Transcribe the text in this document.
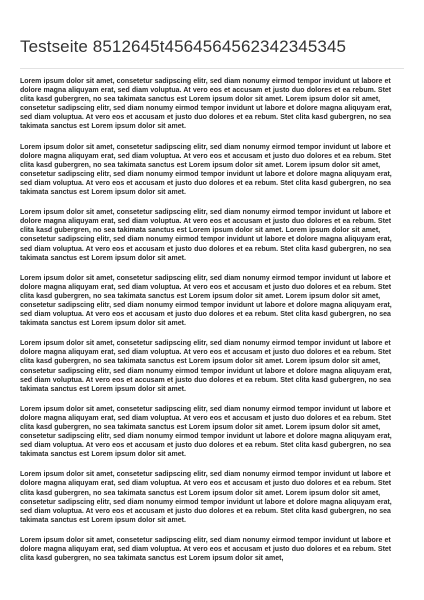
Testseite 8512645t4564564562342345345

Lorem ipsum dolor sit amet, consetetur sadipscing elitr, sed diam nonumy eirmod tempor invidunt ut labore et dolore magna aliquyam erat, sed diam voluptua. At vero eos et accusam et justo duo dolores et ea rebum. Stet clita kasd gubergren, no sea takimata sanctus est Lorem ipsum dolor sit amet. Lorem ipsum dolor sit amet, consetetur sadipscing elitr, sed diam nonumy eirmod tempor invidunt ut labore et dolore magna aliquyam erat, sed diam voluptua. At vero eos et accusam et justo duo dolores et ea rebum. Stet clita kasd gubergren, no sea takimata sanctus est Lorem ipsum dolor sit amet.

Lorem ipsum dolor sit amet, consetetur sadipscing elitr, sed diam nonumy eirmod tempor invidunt ut labore et dolore magna aliquyam erat, sed diam voluptua. At vero eos et accusam et justo duo dolores et ea rebum. Stet clita kasd gubergren, no sea takimata sanctus est Lorem ipsum dolor sit amet. Lorem ipsum dolor sit amet, consetetur sadipscing elitr, sed diam nonumy eirmod tempor invidunt ut labore et dolore magna aliquyam erat, sed diam voluptua. At vero eos et accusam et justo duo dolores et ea rebum. Stet clita kasd gubergren, no sea takimata sanctus est Lorem ipsum dolor sit amet.

Lorem ipsum dolor sit amet, consetetur sadipscing elitr, sed diam nonumy eirmod tempor invidunt ut labore et dolore magna aliquyam erat, sed diam voluptua. At vero eos et accusam et justo duo dolores et ea rebum. Stet clita kasd gubergren, no sea takimata sanctus est Lorem ipsum dolor sit amet. Lorem ipsum dolor sit amet, consetetur sadipscing elitr, sed diam nonumy eirmod tempor invidunt ut labore et dolore magna aliquyam erat, sed diam voluptua. At vero eos et accusam et justo duo dolores et ea rebum. Stet clita kasd gubergren, no sea takimata sanctus est Lorem ipsum dolor sit amet.

Lorem ipsum dolor sit amet, consetetur sadipscing elitr, sed diam nonumy eirmod tempor invidunt ut labore et dolore magna aliquyam erat, sed diam voluptua. At vero eos et accusam et justo duo dolores et ea rebum. Stet clita kasd gubergren, no sea takimata sanctus est Lorem ipsum dolor sit amet. Lorem ipsum dolor sit amet, consetetur sadipscing elitr, sed diam nonumy eirmod tempor invidunt ut labore et dolore magna aliquyam erat, sed diam voluptua. At vero eos et accusam et justo duo dolores et ea rebum. Stet clita kasd gubergren, no sea takimata sanctus est Lorem ipsum dolor sit amet.

Lorem ipsum dolor sit amet, consetetur sadipscing elitr, sed diam nonumy eirmod tempor invidunt ut labore et dolore magna aliquyam erat, sed diam voluptua. At vero eos et accusam et justo duo dolores et ea rebum. Stet clita kasd gubergren, no sea takimata sanctus est Lorem ipsum dolor sit amet. Lorem ipsum dolor sit amet, consetetur sadipscing elitr, sed diam nonumy eirmod tempor invidunt ut labore et dolore magna aliquyam erat, sed diam voluptua. At vero eos et accusam et justo duo dolores et ea rebum. Stet clita kasd gubergren, no sea takimata sanctus est Lorem ipsum dolor sit amet.

Lorem ipsum dolor sit amet, consetetur sadipscing elitr, sed diam nonumy eirmod tempor invidunt ut labore et dolore magna aliquyam erat, sed diam voluptua. At vero eos et accusam et justo duo dolores et ea rebum. Stet clita kasd gubergren, no sea takimata sanctus est Lorem ipsum dolor sit amet. Lorem ipsum dolor sit amet, consetetur sadipscing elitr, sed diam nonumy eirmod tempor invidunt ut labore et dolore magna aliquyam erat, sed diam voluptua. At vero eos et accusam et justo duo dolores et ea rebum. Stet clita kasd gubergren, no sea takimata sanctus est Lorem ipsum dolor sit amet.

Lorem ipsum dolor sit amet, consetetur sadipscing elitr, sed diam nonumy eirmod tempor invidunt ut labore et dolore magna aliquyam erat, sed diam voluptua. At vero eos et accusam et justo duo dolores et ea rebum. Stet clita kasd gubergren, no sea takimata sanctus est Lorem ipsum dolor sit amet. Lorem ipsum dolor sit amet, consetetur sadipscing elitr, sed diam nonumy eirmod tempor invidunt ut labore et dolore magna aliquyam erat, sed diam voluptua. At vero eos et accusam et justo duo dolores et ea rebum. Stet clita kasd gubergren, no sea takimata sanctus est Lorem ipsum dolor sit amet.

Lorem ipsum dolor sit amet, consetetur sadipscing elitr, sed diam nonumy eirmod tempor invidunt ut labore et dolore magna aliquyam erat, sed diam voluptua. At vero eos et accusam et justo duo dolores et ea rebum. Stet clita kasd gubergren, no sea takimata sanctus est Lorem ipsum dolor sit amet,
